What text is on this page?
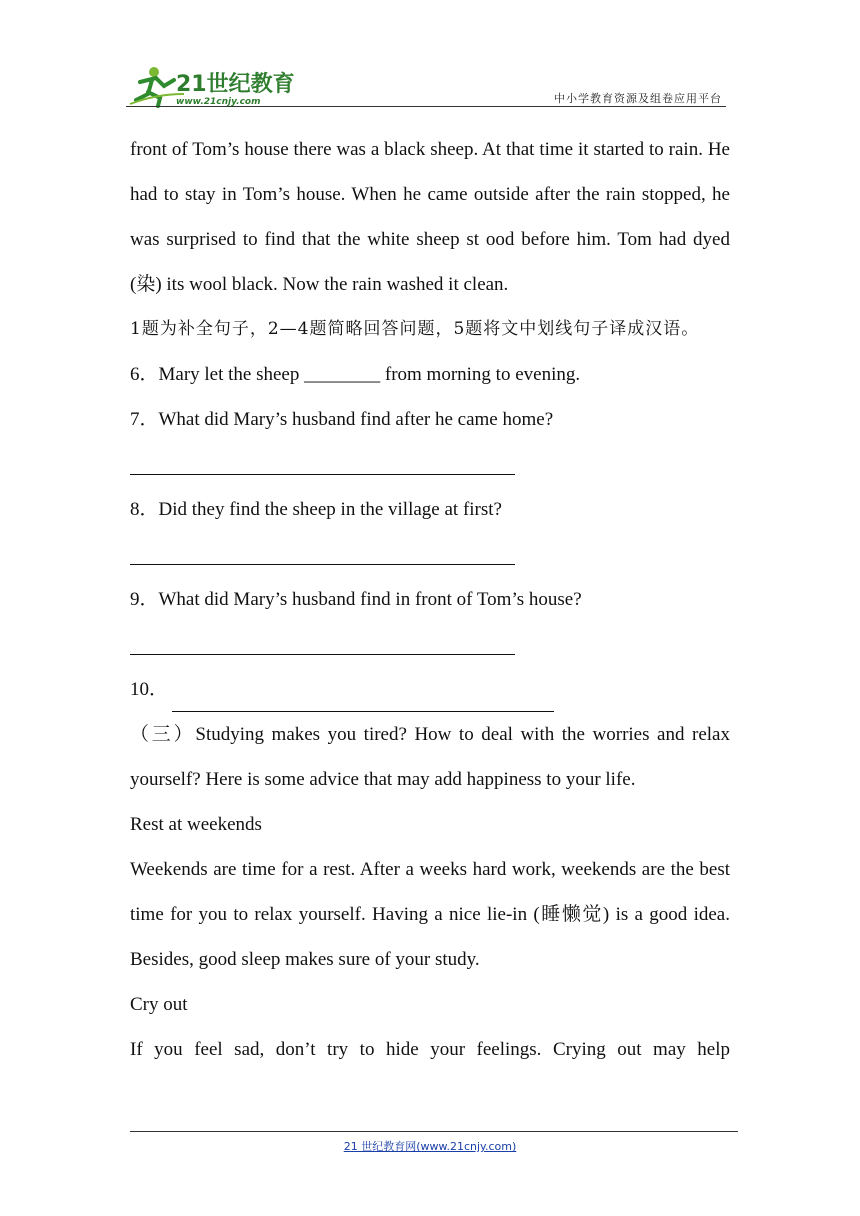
21世纪教育
www.21cnjy.com	中小学教育资源及组卷应用平台

front of Tom’s house there was a black sheep. At that time it started to rain. He had to stay in Tom’s house. When he came outside after the rain stopped, he was surprised to find that the white sheep st ood before him. Tom had dyed (染) its wool black. Now the rain washed it clean.

1题为补全句子，2—4题简略回答问题，5题将文中划线句子译成汉语。

6．Mary let the sheep ________ from morning to evening.

7．What did Mary’s husband find after he came home?

8．Did they find the sheep in the village at first?

9．What did Mary’s husband find in front of Tom’s house?

10．

（三）Studying makes you tired? How to deal with the worries and relax yourself? Here is some advice that may add happiness to your life.

Rest at weekends

Weekends are time for a rest. After a weeks hard work, weekends are the best time for you to relax yourself. Having a nice lie-in (睡懒觉) is a good idea. Besides, good sleep makes sure of your study.

Cry out

If you feel sad, don’t try to hide your feelings. Crying out may help

21 世纪教育网(www.21cnjy.com)
